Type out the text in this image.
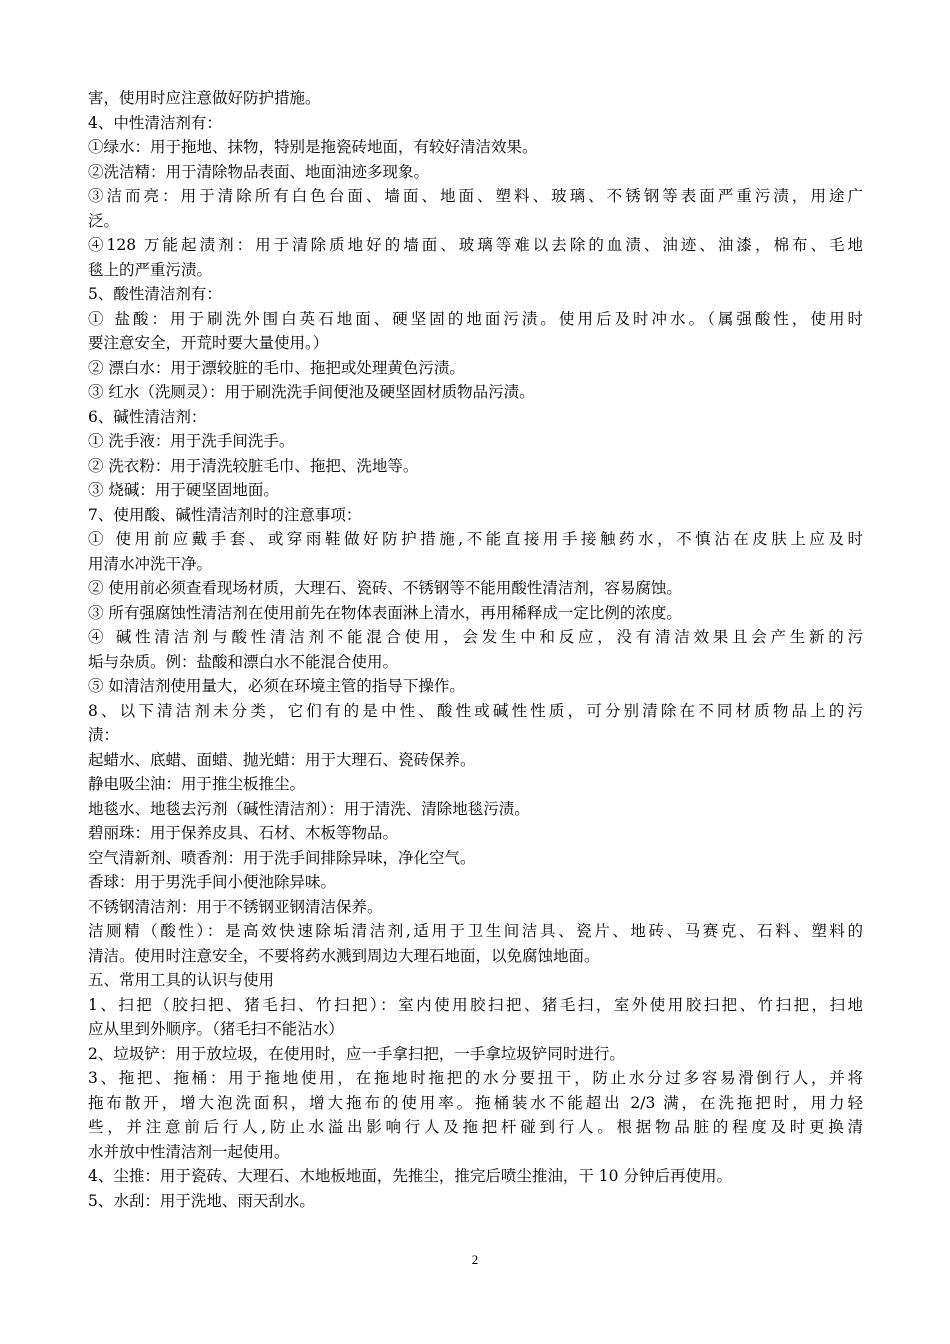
害，使用时应注意做好防护措施。
4、中性清洁剂有：
①绿水：用于拖地、抹物，特别是拖瓷砖地面，有较好清洁效果。
②洗洁精：用于清除物品表面、地面油迹多现象。
③洁而亮：用于清除所有白色台面、墙面、地面、塑料、玻璃、不锈钢等表面严重污渍，用途广
泛。
④128 万能起渍剂：用于清除质地好的墙面、玻璃等难以去除的血渍、油迹、油漆，棉布、毛地
毯上的严重污渍。
5、酸性清洁剂有：
① 盐酸：用于刷洗外围白英石地面、硬坚固的地面污渍。使用后及时冲水。（属强酸性，使用时
要注意安全，开荒时要大量使用。）
② 漂白水：用于漂较脏的毛巾、拖把或处理黄色污渍。
③ 红水（洗厕灵）：用于刷洗洗手间便池及硬坚固材质物品污渍。
6、碱性清洁剂：
① 洗手液：用于洗手间洗手。
② 洗衣粉：用于清洗较脏毛巾、拖把、洗地等。
③ 烧碱：用于硬坚固地面。
7、使用酸、碱性清洁剂时的注意事项：
① 使用前应戴手套、或穿雨鞋做好防护措施,不能直接用手接触药水，不慎沾在皮肤上应及时
用清水冲洗干净。
② 使用前必须查看现场材质，大理石、瓷砖、不锈钢等不能用酸性清洁剂，容易腐蚀。
③ 所有强腐蚀性清洁剂在使用前先在物体表面淋上清水，再用稀释成一定比例的浓度。
④ 碱性清洁剂与酸性清洁剂不能混合使用，会发生中和反应，没有清洁效果且会产生新的污
垢与杂质。例：盐酸和漂白水不能混合使用。
⑤ 如清洁剂使用量大，必须在环境主管的指导下操作。
8、以下清洁剂未分类，它们有的是中性、酸性或碱性性质，可分别清除在不同材质物品上的污
渍：
起蜡水、底蜡、面蜡、抛光蜡：用于大理石、瓷砖保养。
静电吸尘油：用于推尘板推尘。
地毯水、地毯去污剂（碱性清洁剂）：用于清洗、清除地毯污渍。
碧丽珠：用于保养皮具、石材、木板等物品。
空气清新剂、喷香剂：用于洗手间排除异味，净化空气。
香球：用于男洗手间小便池除异味。
不锈钢清洁剂：用于不锈钢亚钢清洁保养。
洁厕精（酸性）：是高效快速除垢清洁剂,适用于卫生间洁具、瓷片、地砖、马赛克、石料、塑料的
清洁。使用时注意安全，不要将药水溅到周边大理石地面，以免腐蚀地面。
五、常用工具的认识与使用
1、扫把（胶扫把、猪毛扫、竹扫把）：室内使用胶扫把、猪毛扫，室外使用胶扫把、竹扫把，扫地
应从里到外顺序。（猪毛扫不能沾水）
2、垃圾铲：用于放垃圾，在使用时，应一手拿扫把，一手拿垃圾铲同时进行。
3、拖把、拖桶：用于拖地使用，在拖地时拖把的水分要扭干，防止水分过多容易滑倒行人，并将
拖布散开，增大泡洗面积，增大拖布的使用率。拖桶装水不能超出 2/3 满，在洗拖把时，用力轻
些，并注意前后行人,防止水溢出影响行人及拖把杆碰到行人。根据物品脏的程度及时更换清
水并放中性清洁剂一起使用。
4、尘推：用于瓷砖、大理石、木地板地面，先推尘，推完后喷尘推油，干 10 分钟后再使用。
5、水刮：用于洗地、雨天刮水。
2
